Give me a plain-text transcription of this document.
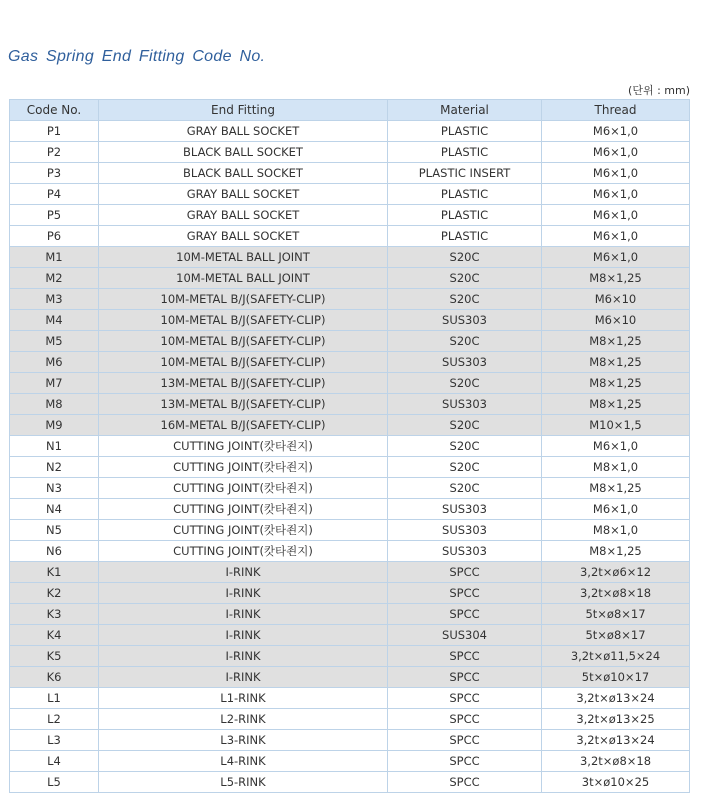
Gas Spring End Fitting Code No.
(단위 : mm)
Code No.	End Fitting	Material	Thread
P1	GRAY BALL SOCKET	PLASTIC	M6×1,0
P2	BLACK BALL SOCKET	PLASTIC	M6×1,0
P3	BLACK BALL SOCKET	PLASTIC INSERT	M6×1,0
P4	GRAY BALL SOCKET	PLASTIC	M6×1,0
P5	GRAY BALL SOCKET	PLASTIC	M6×1,0
P6	GRAY BALL SOCKET	PLASTIC	M6×1,0
M1	10M-METAL BALL JOINT	S20C	M6×1,0
M2	10M-METAL BALL JOINT	S20C	M8×1,25
M3	10M-METAL B/J(SAFETY-CLIP)	S20C	M6×10
M4	10M-METAL B/J(SAFETY-CLIP)	SUS303	M6×10
M5	10M-METAL B/J(SAFETY-CLIP)	S20C	M8×1,25
M6	10M-METAL B/J(SAFETY-CLIP)	SUS303	M8×1,25
M7	13M-METAL B/J(SAFETY-CLIP)	S20C	M8×1,25
M8	13M-METAL B/J(SAFETY-CLIP)	SUS303	M8×1,25
M9	16M-METAL B/J(SAFETY-CLIP)	S20C	M10×1,5
N1	CUTTING JOINT(캇타죈지)	S20C	M6×1,0
N2	CUTTING JOINT(캇타죈지)	S20C	M8×1,0
N3	CUTTING JOINT(캇타죈지)	S20C	M8×1,25
N4	CUTTING JOINT(캇타죈지)	SUS303	M6×1,0
N5	CUTTING JOINT(캇타죈지)	SUS303	M8×1,0
N6	CUTTING JOINT(캇타죈지)	SUS303	M8×1,25
K1	I-RINK	SPCC	3,2t×ø6×12
K2	I-RINK	SPCC	3,2t×ø8×18
K3	I-RINK	SPCC	5t×ø8×17
K4	I-RINK	SUS304	5t×ø8×17
K5	I-RINK	SPCC	3,2t×ø11,5×24
K6	I-RINK	SPCC	5t×ø10×17
L1	L1-RINK	SPCC	3,2t×ø13×24
L2	L2-RINK	SPCC	3,2t×ø13×25
L3	L3-RINK	SPCC	3,2t×ø13×24
L4	L4-RINK	SPCC	3,2t×ø8×18
L5	L5-RINK	SPCC	3t×ø10×25
